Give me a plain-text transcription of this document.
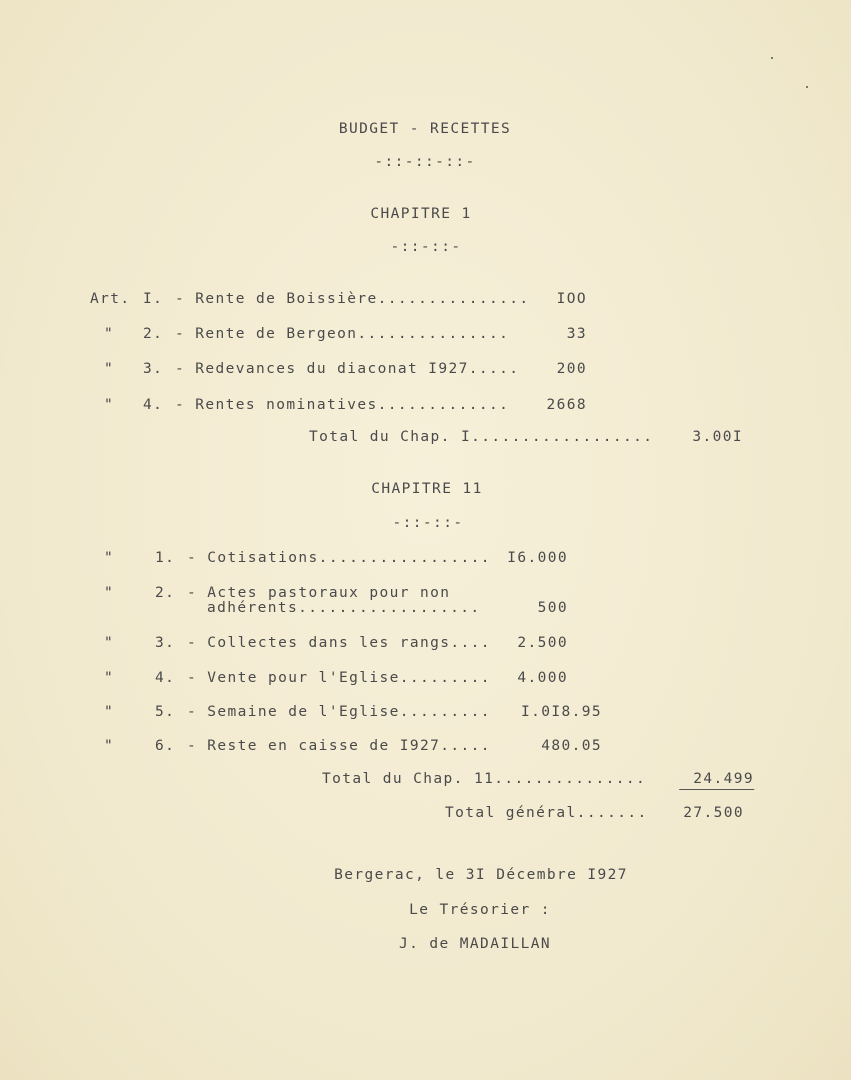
BUDGET - RECETTES
-::-::-::-
CHAPITRE 1
-::-::-
Art. I. - Rente de Boissière............... IOO
" 2. - Rente de Bergeon...............	33
" 3. - Redevances du diaconat I927.....	200
" 4. - Rentes nominatives.............	2668
Total du Chap. I..................	3.00I
CHAPITRE 11
-::-::-
"	1. - Cotisations................. I6.000
"	2. - Actes pastoraux pour non
adhérents..................	500
"	3. - Collectes dans les rangs.... 2.500
"	4. - Vente pour l'Eglise......... 4.000
"	5. - Semaine de l'Eglise......... I.0I8.95
"	6. - Reste en caisse de I927.....	480.05
Total du Chap. 11...............	24.499
Total général....... 27.500
Bergerac, le 3I Décembre I927
Le Trésorier :
J. de MADAILLAN
